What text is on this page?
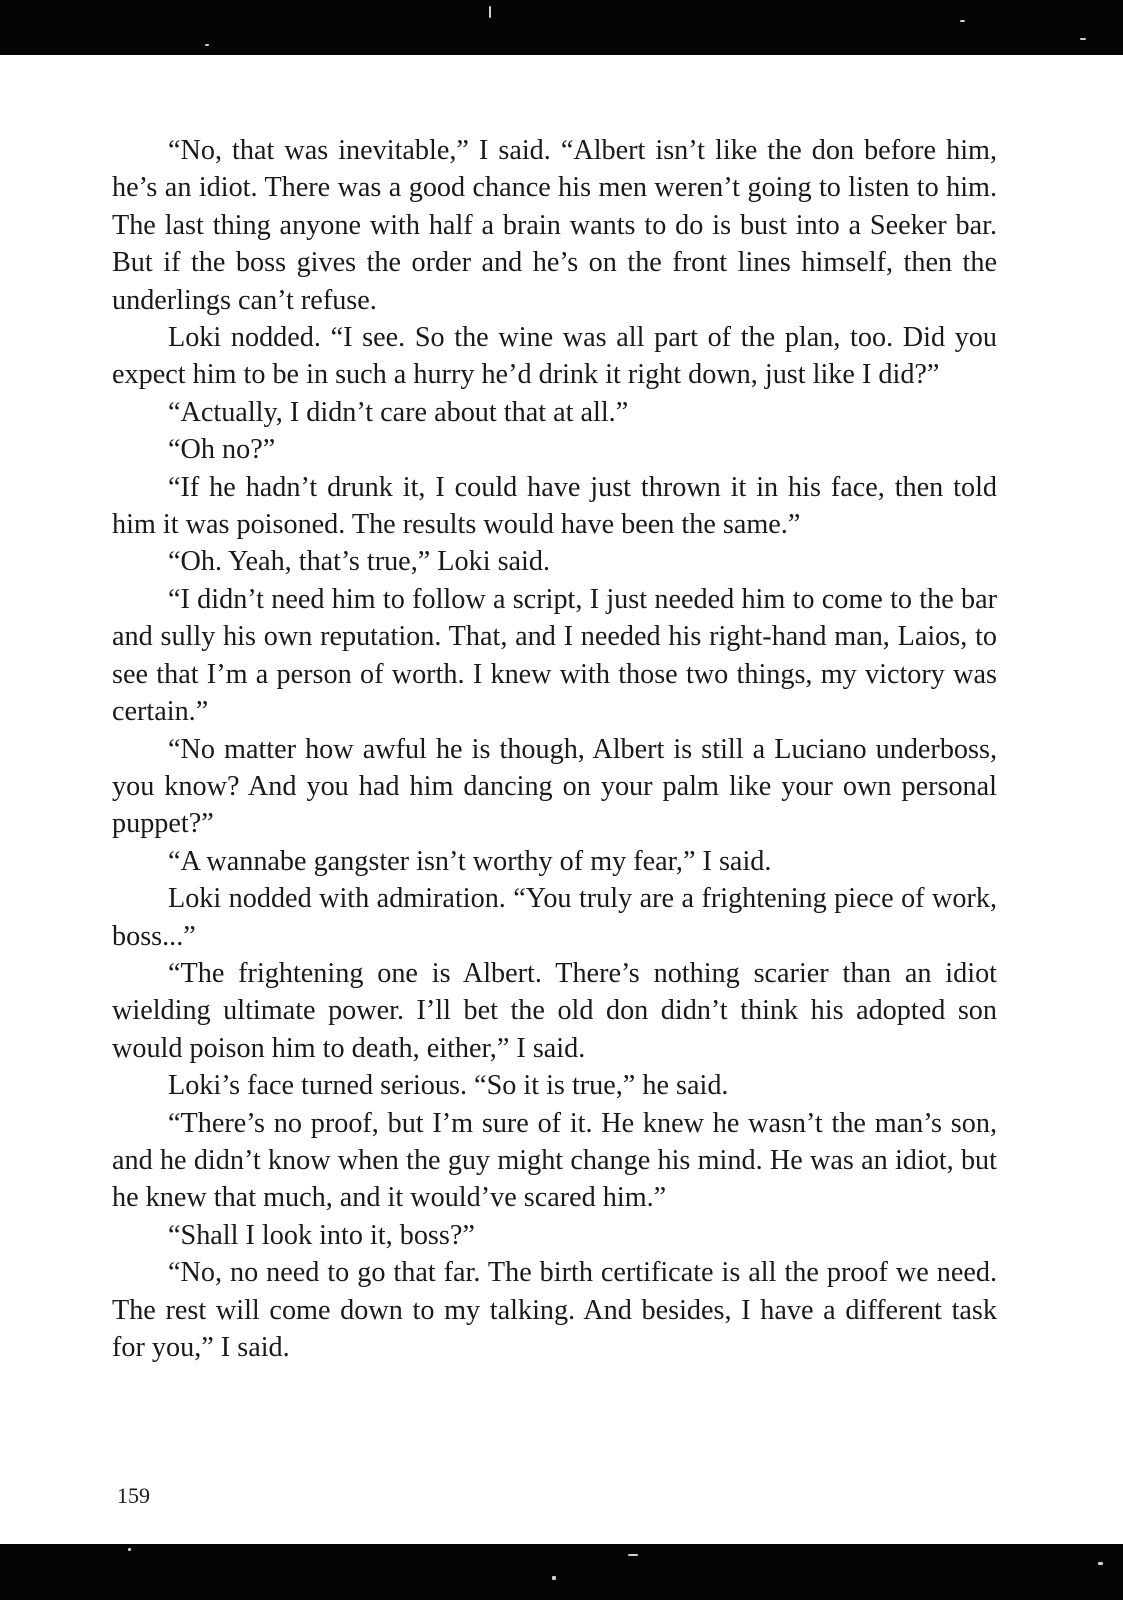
“No, that was inevitable,” I said. “Albert isn’t like the don before him, he’s an idiot. There was a good chance his men weren’t going to listen to him. The last thing anyone with half a brain wants to do is bust into a Seeker bar. But if the boss gives the order and he’s on the front lines himself, then the underlings can’t refuse.

Loki nodded. “I see. So the wine was all part of the plan, too. Did you expect him to be in such a hurry he’d drink it right down, just like I did?”

“Actually, I didn’t care about that at all.”

“Oh no?”

“If he hadn’t drunk it, I could have just thrown it in his face, then told him it was poisoned. The results would have been the same.”

“Oh. Yeah, that’s true,” Loki said.

“I didn’t need him to follow a script, I just needed him to come to the bar and sully his own reputation. That, and I needed his right-hand man, Laios, to see that I’m a person of worth. I knew with those two things, my victory was certain.”

“No matter how awful he is though, Albert is still a Luciano underboss, you know? And you had him dancing on your palm like your own personal puppet?”

“A wannabe gangster isn’t worthy of my fear,” I said.

Loki nodded with admiration. “You truly are a frightening piece of work, boss...”

“The frightening one is Albert. There’s nothing scarier than an idiot wielding ultimate power. I’ll bet the old don didn’t think his adopted son would poison him to death, either,” I said.

Loki’s face turned serious. “So it is true,” he said.

“There’s no proof, but I’m sure of it. He knew he wasn’t the man’s son, and he didn’t know when the guy might change his mind. He was an idiot, but he knew that much, and it would’ve scared him.”

“Shall I look into it, boss?”

“No, no need to go that far. The birth certificate is all the proof we need. The rest will come down to my talking. And besides, I have a different task for you,” I said.

159
